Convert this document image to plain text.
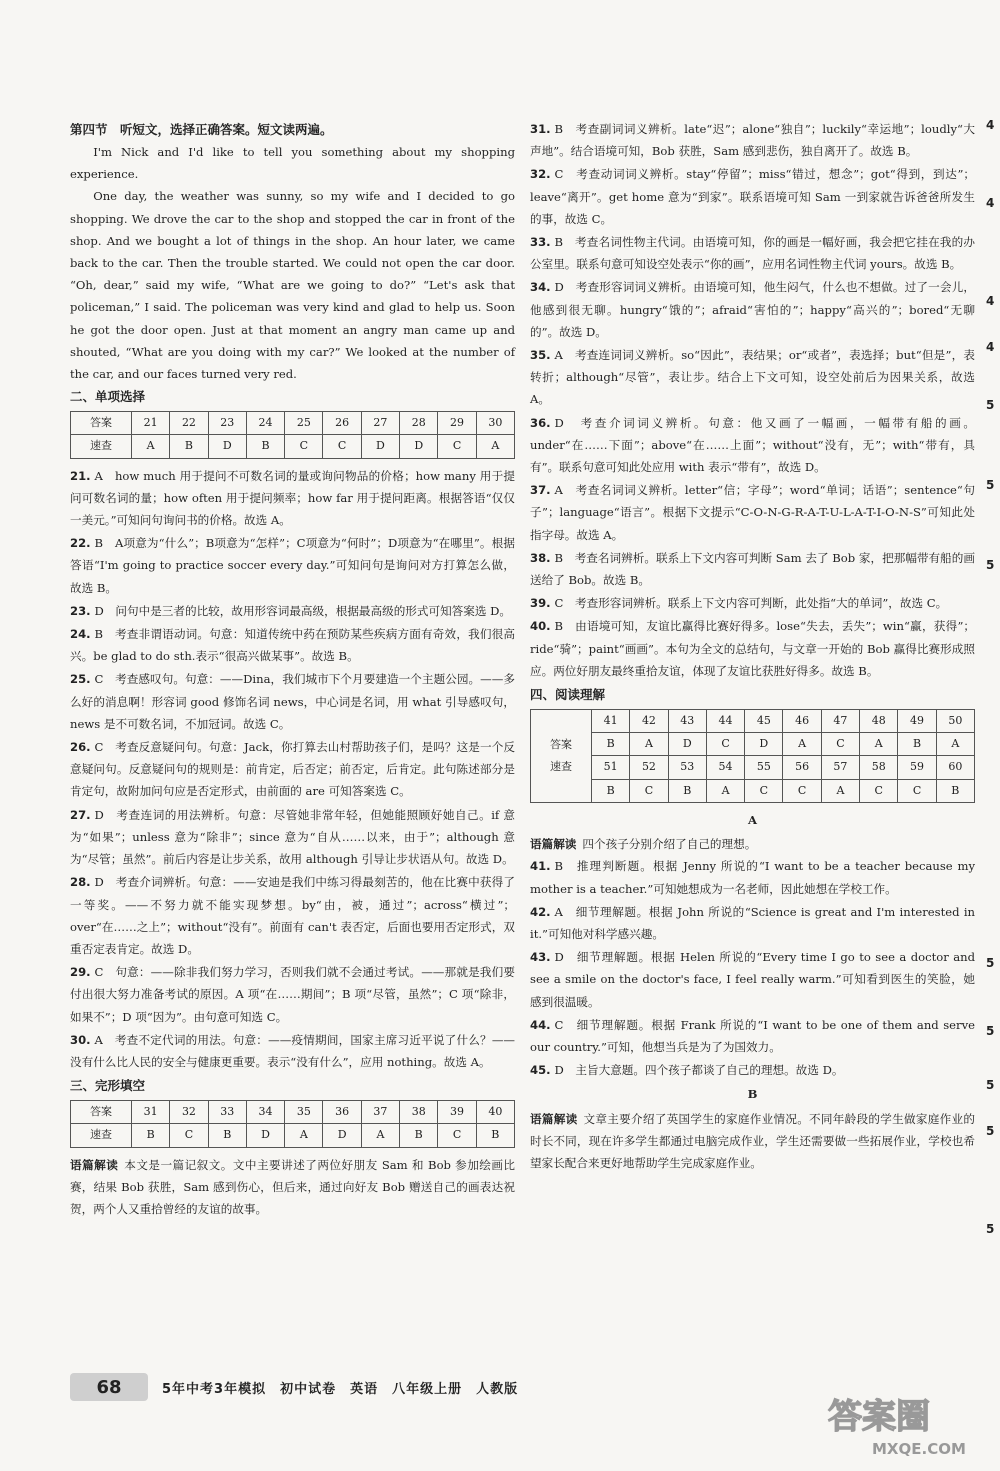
第四节　听短文，选择正确答案。短文读两遍。

I'm Nick and I'd like to tell you something about my shopping experience.

One day, the weather was sunny, so my wife and I decided to go shopping. We drove the car to the shop and stopped the car in front of the shop. And we bought a lot of things in the shop. An hour later, we came back to the car. Then the trouble started. We could not open the car door. “Oh, dear,” said my wife, “What are we going to do?” “Let's ask that policeman,” I said. The policeman was very kind and glad to help us. Soon he got the door open. Just at that moment an angry man came up and shouted, “What are you doing with my car?” We looked at the number of the car, and our faces turned very red.

二、单项选择
答案	21	22	23	24	25	26	27	28	29	30
速查	A	B	D	B	C	C	D	D	C	A

21. A　how much 用于提问不可数名词的量或询问物品的价格；how many 用于提问可数名词的量；how often 用于提问频率；how far 用于提问距离。根据答语“仅仅一美元。”可知问句询问书的价格。故选 A。

22. B　A项意为“什么”；B项意为“怎样”；C项意为“何时”；D项意为“在哪里”。根据答语“I'm going to practice soccer every day.”可知问句是询问对方打算怎么做，故选 B。

23. D　问句中是三者的比较，故用形容词最高级，根据最高级的形式可知答案选 D。

24. B　考查非谓语动词。句意：知道传统中药在预防某些疾病方面有奇效，我们很高兴。be glad to do sth.表示“很高兴做某事”。故选 B。

25. C　考查感叹句。句意：——Dina，我们城市下个月要建造一个主题公园。——多么好的消息啊！形容词 good 修饰名词 news，中心词是名词，用 what 引导感叹句，news 是不可数名词，不加冠词。故选 C。

26. C　考查反意疑问句。句意：Jack，你打算去山村帮助孩子们，是吗？这是一个反意疑问句。反意疑问句的规则是：前肯定，后否定；前否定，后肯定。此句陈述部分是肯定句，故附加问句应是否定形式，由前面的 are 可知答案选 C。

27. D　考查连词的用法辨析。句意：尽管她非常年轻，但她能照顾好她自己。if 意为“如果”；unless 意为“除非”；since 意为“自从……以来，由于”；although 意为“尽管；虽然”。前后内容是让步关系，故用 although 引导让步状语从句。故选 D。

28. D　考查介词辨析。句意：——安迪是我们中练习得最刻苦的，他在比赛中获得了一等奖。——不努力就不能实现梦想。by“由，被，通过”；across“横过”；over“在……之上”；without“没有”。前面有 can't 表否定，后面也要用否定形式，双重否定表肯定。故选 D。

29. C　句意：——除非我们努力学习，否则我们就不会通过考试。——那就是我们要付出很大努力准备考试的原因。A 项“在……期间”；B 项“尽管，虽然”；C 项“除非，如果不”；D 项“因为”。由句意可知选 C。

30. A　考查不定代词的用法。句意：——疫情期间，国家主席习近平说了什么？——没有什么比人民的安全与健康更重要。表示“没有什么”，应用 nothing。故选 A。

三、完形填空
答案	31	32	33	34	35	36	37	38	39	40
速查	B	C	B	D	A	D	A	B	C	B

语篇解读 本文是一篇记叙文。文中主要讲述了两位好朋友 Sam 和 Bob 参加绘画比赛，结果 Bob 获胜，Sam 感到伤心，但后来，通过向好友 Bob 赠送自己的画表达祝贺，两个人又重拾曾经的友谊的故事。

31. B　考查副词词义辨析。late“迟”；alone“独自”；luckily“幸运地”；loudly“大声地”。结合语境可知，Bob 获胜，Sam 感到悲伤，独自离开了。故选 B。

32. C　考查动词词义辨析。stay“停留”；miss“错过，想念”；got“得到，到达”；leave“离开”。get home 意为“到家”。联系语境可知 Sam 一到家就告诉爸爸所发生的事，故选 C。

33. B　考查名词性物主代词。由语境可知，你的画是一幅好画，我会把它挂在我的办公室里。联系句意可知设空处表示“你的画”，应用名词性物主代词 yours。故选 B。

34. D　考查形容词词义辨析。由语境可知，他生闷气，什么也不想做。过了一会儿，他感到很无聊。hungry“饿的”；afraid“害怕的”；happy“高兴的”；bored“无聊的”。故选 D。

35. A　考查连词词义辨析。so“因此”，表结果；or“或者”，表选择；but“但是”，表转折；although“尽管”，表让步。结合上下文可知，设空处前后为因果关系，故选 A。

36. D　考查介词词义辨析。句意：他又画了一幅画，一幅带有船的画。under“在……下面”；above“在……上面”；without“没有，无”；with“带有，具有”。联系句意可知此处应用 with 表示“带有”，故选 D。

37. A　考查名词词义辨析。letter“信；字母”；word“单词；话语”；sentence“句子”；language“语言”。根据下文提示“C-O-N-G-R-A-T-U-L-A-T-I-O-N-S”可知此处指字母。故选 A。

38. B　考查名词辨析。联系上下文内容可判断 Sam 去了 Bob 家，把那幅带有船的画送给了 Bob。故选 B。

39. C　考查形容词辨析。联系上下文内容可判断，此处指“大的单词”，故选 C。

40. B　由语境可知，友谊比赢得比赛好得多。lose“失去，丢失”；win“赢，获得”；ride“骑”；paint“画画”。本句为全文的总结句，与文章一开始的 Bob 赢得比赛形成照应。两位好朋友最终重拾友谊，体现了友谊比获胜好得多。故选 B。

四、阅读理解
答案
速查	41	42	43	44	45	46	47	48	49	50
	B	A	D	C	D	A	C	A	B	A
	51	52	53	54	55	56	57	58	59	60
	B	C	B	A	C	C	A	C	C	B
A

语篇解读 四个孩子分别介绍了自己的理想。

41. B　推理判断题。根据 Jenny 所说的“I want to be a teacher because my mother is a teacher.”可知她想成为一名老师，因此她想在学校工作。

42. A　细节理解题。根据 John 所说的“Science is great and I'm interested in it.”可知他对科学感兴趣。

43. D　细节理解题。根据 Helen 所说的“Every time I go to see a doctor and see a smile on the doctor's face, I feel really warm.”可知看到医生的笑脸，她感到很温暖。

44. C　细节理解题。根据 Frank 所说的“I want to be one of them and serve our country.”可知，他想当兵是为了为国效力。

45. D　主旨大意题。四个孩子都谈了自己的理想。故选 D。

B

语篇解读 文章主要介绍了英国学生的家庭作业情况。不同年龄段的学生做家庭作业的时长不同，现在许多学生都通过电脑完成作业，学生还需要做一些拓展作业，学校也希望家长配合来更好地帮助学生完成家庭作业。

4
4
4
4
5
5
5
5
5
5
5
5
68	5年中考3年模拟　初中试卷　英语　八年级上册　人教版
答案圈
MXQE.COM
